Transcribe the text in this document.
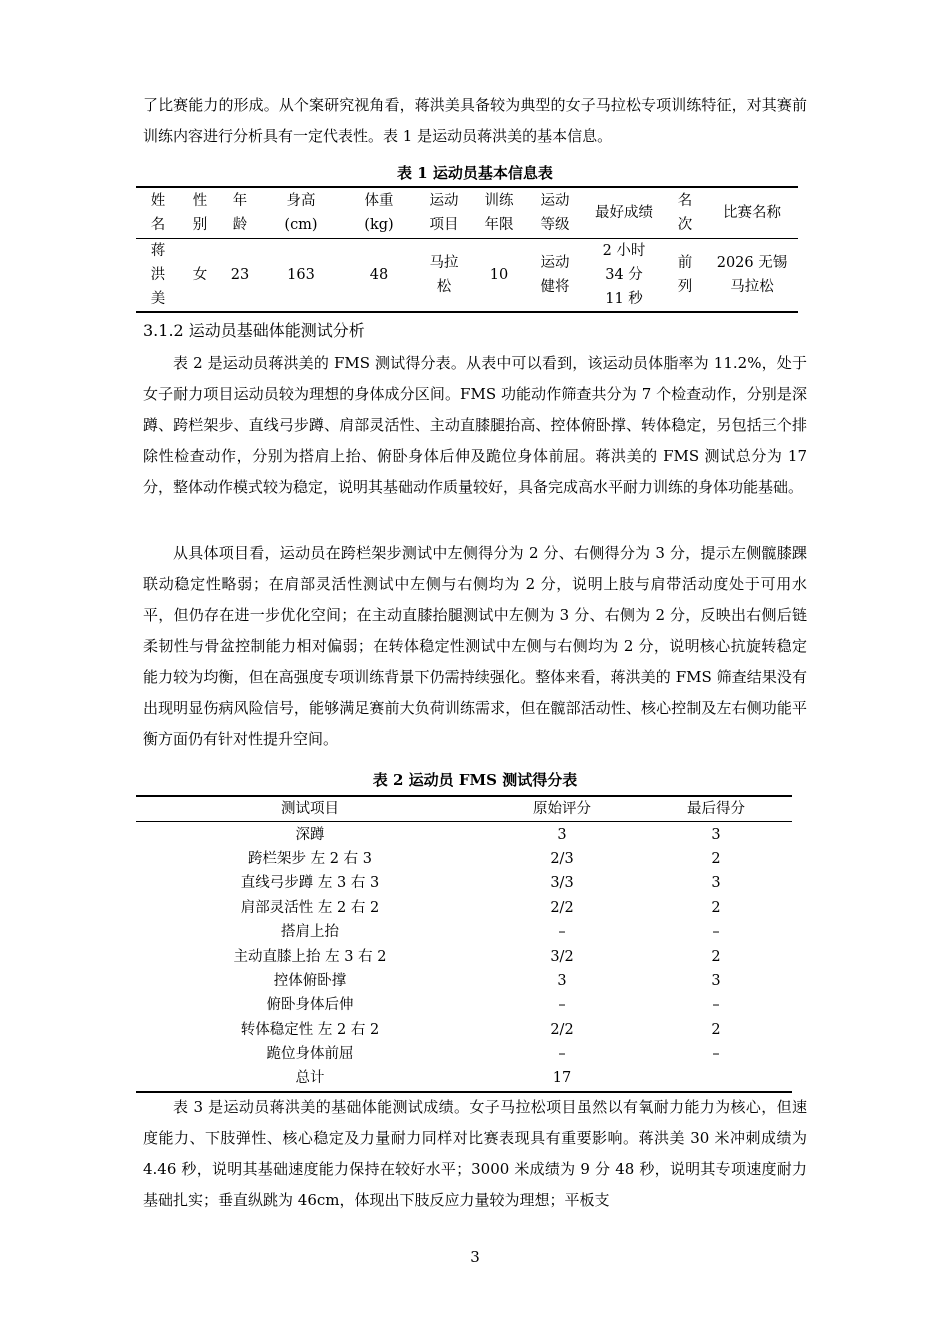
了比赛能力的形成。从个案研究视角看，蒋洪美具备较为典型的女子马拉松专项训练特征，对其赛前训练内容进行分析具有一定代表性。表 1 是运动员蒋洪美的基本信息。

表 1 运动员基本信息表

姓名	性别	年龄	身高(cm)	体重(kg)	运动项目	训练年限	运动等级	最好成绩	名次	比赛名称
蒋洪美	女	23	163	48	马拉松	10	运动健将	2 小时 34 分 11 秒	前列	2026 无锡马拉松

3.1.2 运动员基础体能测试分析

表 2 是运动员蒋洪美的 FMS 测试得分表。从表中可以看到，该运动员体脂率为 11.2%，处于女子耐力项目运动员较为理想的身体成分区间。FMS 功能动作筛查共分为 7 个检查动作，分别是深蹲、跨栏架步、直线弓步蹲、肩部灵活性、主动直膝腿抬高、控体俯卧撑、转体稳定，另包括三个排除性检查动作，分别为搭肩上抬、俯卧身体后伸及跪位身体前屈。蒋洪美的 FMS 测试总分为 17 分，整体动作模式较为稳定，说明其基础动作质量较好，具备完成高水平耐力训练的身体功能基础。

从具体项目看，运动员在跨栏架步测试中左侧得分为 2 分、右侧得分为 3 分，提示左侧髋膝踝联动稳定性略弱；在肩部灵活性测试中左侧与右侧均为 2 分，说明上肢与肩带活动度处于可用水平，但仍存在进一步优化空间；在主动直膝抬腿测试中左侧为 3 分、右侧为 2 分，反映出右侧后链柔韧性与骨盆控制能力相对偏弱；在转体稳定性测试中左侧与右侧均为 2 分，说明核心抗旋转稳定能力较为均衡，但在高强度专项训练背景下仍需持续强化。整体来看，蒋洪美的 FMS 筛查结果没有出现明显伤病风险信号，能够满足赛前大负荷训练需求，但在髋部活动性、核心控制及左右侧功能平衡方面仍有针对性提升空间。

表 2 运动员 FMS 测试得分表

测试项目	原始评分	最后得分
深蹲	3	3
跨栏架步 左 2 右 3	2/3	2
直线弓步蹲 左 3 右 3	3/3	3
肩部灵活性 左 2 右 2	2/2	2
搭肩上抬	–	–
主动直膝上抬 左 3 右 2	3/2	2
控体俯卧撑	3	3
俯卧身体后伸	–	–
转体稳定性 左 2 右 2	2/2	2
跪位身体前屈	–	–
总计	17	

表 3 是运动员蒋洪美的基础体能测试成绩。女子马拉松项目虽然以有氧耐力能力为核心，但速度能力、下肢弹性、核心稳定及力量耐力同样对比赛表现具有重要影响。蒋洪美 30 米冲刺成绩为 4.46 秒，说明其基础速度能力保持在较好水平；3000 米成绩为 9 分 48 秒，说明其专项速度耐力基础扎实；垂直纵跳为 46cm，体现出下肢反应力量较为理想；平板支

3
